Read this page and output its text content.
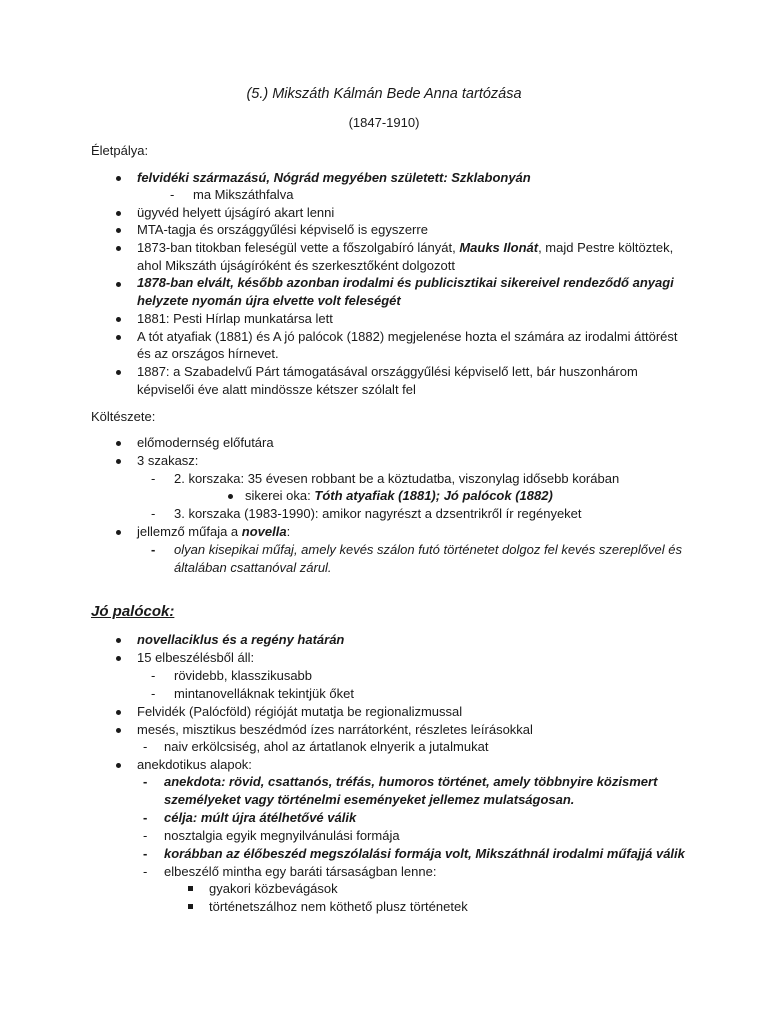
(5.) Mikszáth Kálmán Bede Anna tartózása
(1847-1910)
Életpálya:
felvidéki származású, Nógrád megyében született: Szklabonyán
- ma Mikszáthfalva
ügyvéd helyett újságíró akart lenni
MTA-tagja és országgyűlési képviselő is egyszerre
1873-ban titokban feleségül vette a főszolgabíró lányát, Mauks Ilonát, majd Pestre költöztek,
ahol Mikszáth újságíróként és szerkesztőként dolgozott
1878-ban elvált, később azonban irodalmi és publicisztikai sikereivel rendeződő anyagi
helyzete nyomán újra elvette volt feleségét
1881: Pesti Hírlap munkatársa lett
A tót atyafiak (1881) és A jó palócok (1882) megjelenése hozta el számára az irodalmi áttörést
és az országos hírnevet.
1887: a Szabadelvű Párt támogatásával országgyűlési képviselő lett, bár huszonhárom
képviselői éve alatt mindössze kétszer szólalt fel
Költészete:
előmodernség előfutára
3 szakasz:
- 2. korszaka: 35 évesen robbant be a köztudatba, viszonylag idősebb korában
sikerei oka: Tóth atyafiak (1881); Jó palócok (1882)
- 3. korszaka (1983-1990): amikor nagyrészt a dzsentrikről ír regényeket
jellemző műfaja a novella:
- olyan kisepikai műfaj, amely kevés szálon futó történetet dolgoz fel kevés szereplővel és
általában csattanóval zárul.
Jó palócok:
novellaciklus és a regény határán
15 elbeszélésből áll:
- rövidebb, klasszikusabb
- mintanovelláknak tekintjük őket
Felvidék (Palócföld) régióját mutatja be regionalizmussal
mesés, misztikus beszédmód ízes narrátorként, részletes leírásokkal
- naiv erkölcsiség, ahol az ártatlanok elnyerik a jutalmukat
anekdotikus alapok:
- anekdota: rövid, csattanós, tréfás, humoros történet, amely többnyire közismert
személyeket vagy történelmi eseményeket jellemez mulatságosan.
- célja: múlt újra átélhetővé válik
- nosztalgia egyik megnyilvánulási formája
- korábban az élőbeszéd megszólalási formája volt, Mikszáthnál irodalmi műfajjá válik
- elbeszélő mintha egy baráti társaságban lenne:
gyakori közbevágások
történetszálhoz nem köthető plusz történetek
